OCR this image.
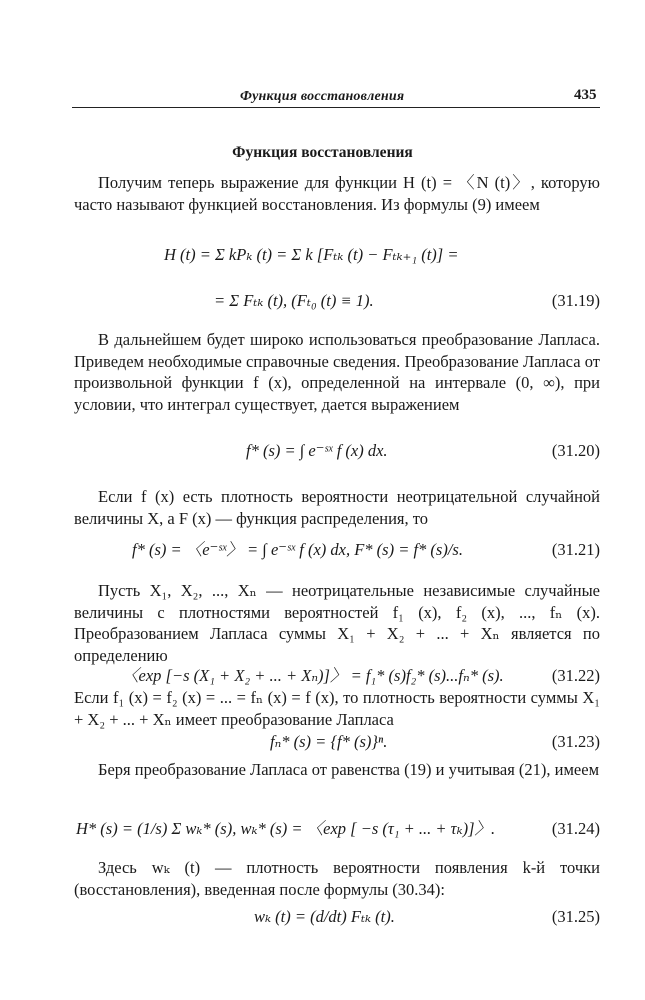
Функция восстановления	435
Функция восстановления
Получим теперь выражение для функции H (t) = 〈N (t)〉, которую часто называют функцией восстановления. Из формулы (9) имеем
H (t) = Σ kPₖ (t) = Σ k [Fₜₖ (t) − Fₜₖ₊₁ (t)] =
= Σ Fₜₖ (t), (Fₜ₀ (t) ≡ 1).	(31.19)
В дальнейшем будет широко использоваться преобразование Лапласа. Приведем необходимые справочные сведения. Преобразование Лапласа от произвольной функции f (x), определенной на интервале (0, ∞), при условии, что интеграл существует, дается выражением
f* (s) = ∫ e⁻ˢˣ f (x) dx.	(31.20)
Если f (x) есть плотность вероятности неотрицательной случайной величины X, а F (x) — функция распределения, то
f* (s) = 〈e⁻ˢˣ〉 = ∫ e⁻ˢˣ f (x) dx, F* (s) = f* (s)/s.	(31.21)
Пусть X₁, X₂, ..., Xₙ — неотрицательные независимые случайные величины с плотностями вероятностей f₁ (x), f₂ (x), ..., fₙ (x). Преобразованием Лапласа суммы X₁ + X₂ + ... + Xₙ является по определению
〈exp [−s (X₁ + X₂ + ... + Xₙ)]〉 = f₁* (s)f₂* (s)...fₙ* (s).	(31.22)
Если f₁ (x) = f₂ (x) = ... = fₙ (x) = f (x), то плотность вероятности суммы X₁ + X₂ + ... + Xₙ имеет преобразование Лапласа
fₙ* (s) = {f* (s)}ⁿ.	(31.23)
Беря преобразование Лапласа от равенства (19) и учитывая (21), имеем
H* (s) = (1/s) Σ wₖ* (s), wₖ* (s) = 〈exp [ −s (τ₁ + ... + τₖ)]〉.	(31.24)
Здесь wₖ (t) — плотность вероятности появления k-й точки (восстановления), введенная после формулы (30.34):
wₖ (t) = (d/dt) Fₜₖ (t).	(31.25)
